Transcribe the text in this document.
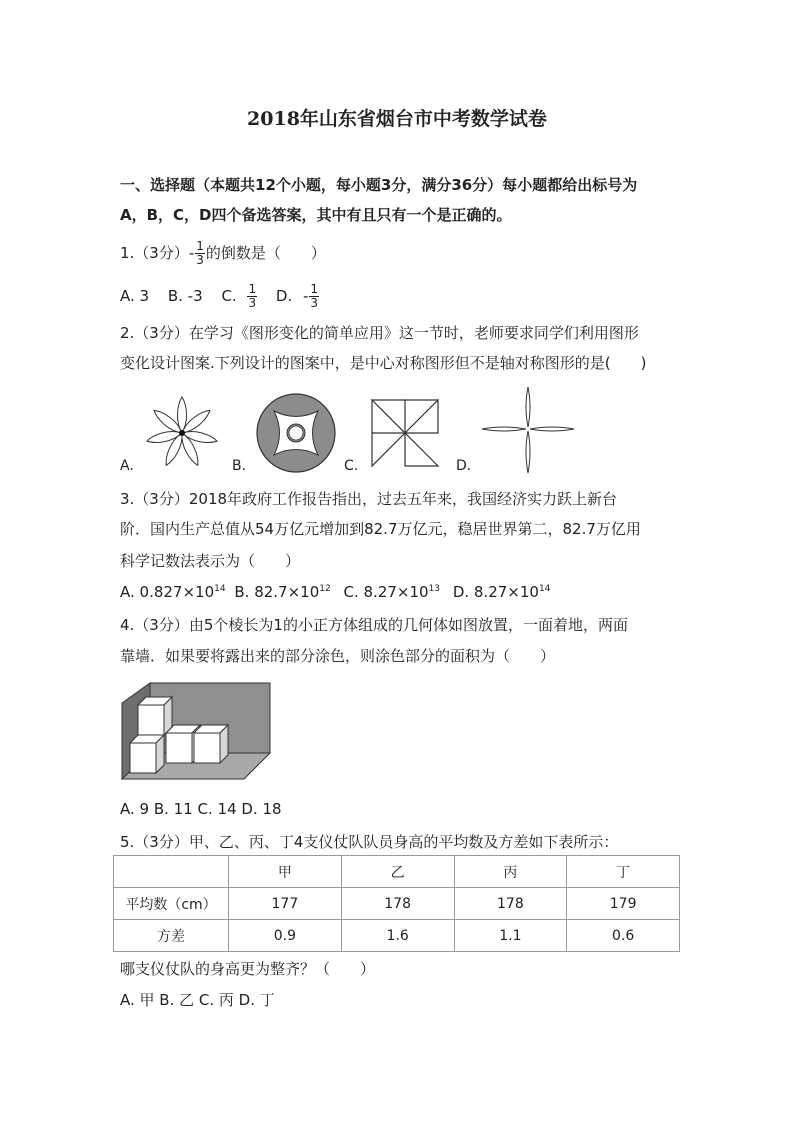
2018年山东省烟台市中考数学试卷
一、选择题（本题共12个小题，每小题3分，满分36分）每小题都给出标号为
A，B，C，D四个备选答案，其中有且只有一个是正确的。
1.（3分）- $\frac{1}{3}$ 的倒数是（　　）
A. 3 B. -3 C. $\frac{1}{3} D$. - $\frac{1}{3}$
2.（3分）在学习《图形变化的简单应用》这一节时，老师要求同学们利用图形
变化设计图案.下列设计的图案中，是中心对称图形但不是轴对称图形的是(　　)
A.	B.	C.	D.
3.（3分）2018年政府工作报告指出，过去五年来，我国经济实力跃上新台
阶．国内生产总值从54万亿元增加到82.7万亿元，稳居世界第二，82.7万亿用
科学记数法表示为（　　）
A. $0.827\times 10^{14}$ B. $82.7\times 10^{12}$ C. $8.27\times 10^{13}$ D. $8.27\times 10^{14}$
4.（3分）由5个棱长为1的小正方体组成的几何体如图放置，一面着地，两面
靠墙．如果要将露出来的部分涂色，则涂色部分的面积为（　　）
A. 9 B. 11 C. 14 D. 18
5.（3分）甲、乙、丙、丁4支仪仗队队员身高的平均数及方差如下表所示：
	甲	乙	丙	丁
平均数（cm）	177	178	178	179
方差	0.9	1.6	1.1	0.6
哪支仪仗队的身高更为整齐？（　　）
A. 甲 B. 乙 C. 丙 D. 丁
